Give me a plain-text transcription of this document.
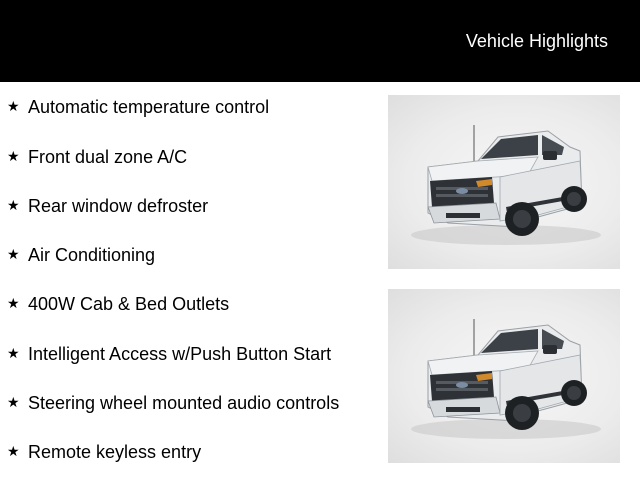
Vehicle Highlights
★ Automatic temperature control
★ Front dual zone A/C
★ Rear window defroster
★ Air Conditioning
★ 400W Cab & Bed Outlets
★ Intelligent Access w/Push Button Start
★ Steering wheel mounted audio controls
★ Remote keyless entry
